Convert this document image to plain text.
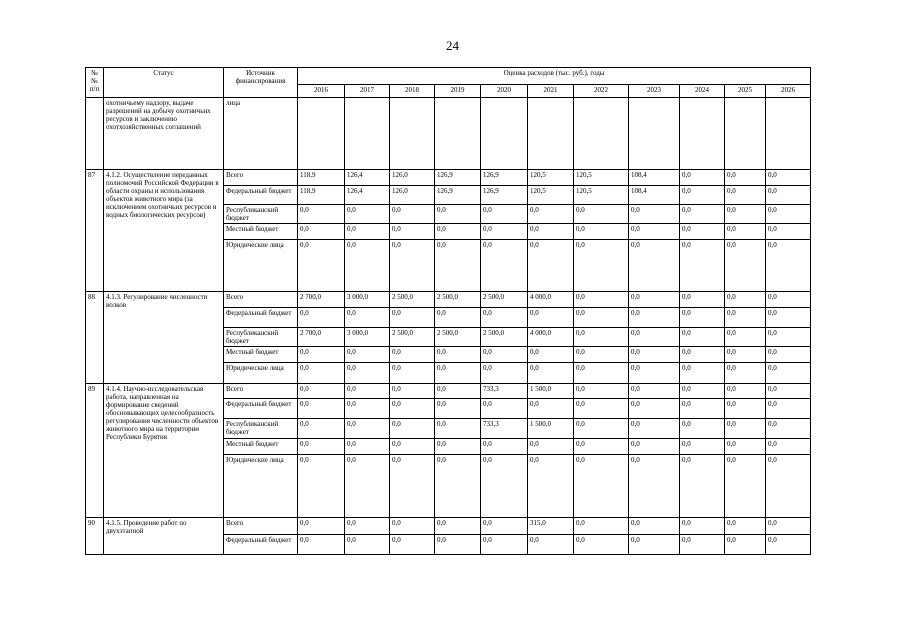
24
№№ п/п	Статус	Источник финансирования	Оценка расходов (тыс. руб.), годы										
			2016	2017	2018	2019	2020	2021	2022	2023	2024	2025	2026
	охотничьему надзору, выдаче разрешений на добычу охотничьих ресурсов и заключению охотхозяйственных соглашений	лица											
87	4.1.2. Осуществление переданных полномочий Российской Федерации в области охраны и использования объектов животного мира (за исключением охотничьих ресурсов и водных биологических ресурсов)	Всего	118,9	126,4	126,0	126,9	126,9	120,5	120,5	108,4	0,0	0,0	0,0
		Федеральный бюджет	118,9	126,4	126,0	126,9	126,9	120,5	120,5	108,4	0,0	0,0	0,0
		Республиканский бюджет	0,0	0,0	0,0	0,0	0,0	0,0	0,0	0,0	0,0	0,0	0,0
		Местный бюджет	0,0	0,0	0,0	0,0	0,0	0,0	0,0	0,0	0,0	0,0	0,0
		Юридические лица	0,0	0,0	0,0	0,0	0,0	0,0	0,0	0,0	0,0	0,0	0,0
88	4.1.3. Регулирование численности волков	Всего	2 700,0	3 000,0	2 500,0	2 500,0	2 500,0	4 000,0	0,0	0,0	0,0	0,0	0,0
		Федеральный бюджет	0,0	0,0	0,0	0,0	0,0	0,0	0,0	0,0	0,0	0,0	0,0
		Республиканский бюджет	2 700,0	3 000,0	2 500,0	2 500,0	2 500,0	4 000,0	0,0	0,0	0,0	0,0	0,0
		Местный бюджет	0,0	0,0	0,0	0,0	0,0	0,0	0,0	0,0	0,0	0,0	0,0
		Юридические лица	0,0	0,0	0,0	0,0	0,0	0,0	0,0	0,0	0,0	0,0	0,0
89	4.1.4. Научно-исследовательская работа, направленная на формирование сведений обосновывающих целесообразность регулирования численности объектов животного мира на территории Республики Бурятия	Всего	0,0	0,0	0,0	0,0	733,3	1 500,0	0,0	0,0	0,0	0,0	0,0
		Федеральный бюджет	0,0	0,0	0,0	0,0	0,0	0,0	0,0	0,0	0,0	0,0	0,0
		Республиканский бюджет	0,0	0,0	0,0	0,0	733,3	1 500,0	0,0	0,0	0,0	0,0	0,0
		Местный бюджет	0,0	0,0	0,0	0,0	0,0	0,0	0,0	0,0	0,0	0,0	0,0
		Юридические лица	0,0	0,0	0,0	0,0	0,0	0,0	0,0	0,0	0,0	0,0	0,0
90	4.1.5. Проведение работ по двухэтапной	Всего	0,0	0,0	0,0	0,0	0,0	315,0	0,0	0,0	0,0	0,0	0,0
		Федеральный бюджет	0,0	0,0	0,0	0,0	0,0	0,0	0,0	0,0	0,0	0,0	0,0
